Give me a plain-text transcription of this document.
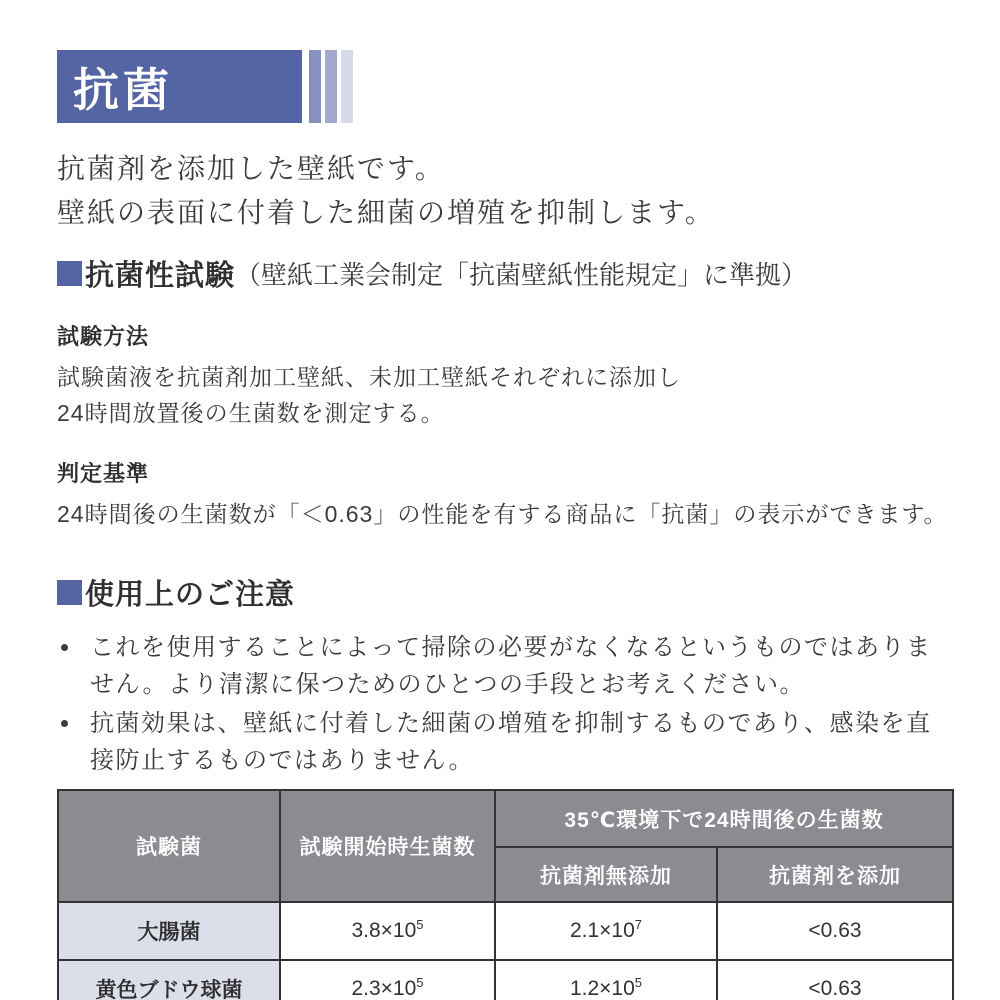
抗菌
抗菌剤を添加した壁紙です。
壁紙の表面に付着した細菌の増殖を抑制します。
抗菌性試験 （壁紙工業会制定「抗菌壁紙性能規定」に準拠）
試験方法
試験菌液を抗菌剤加工壁紙、未加工壁紙それぞれに添加し
24時間放置後の生菌数を測定する。
判定基準
24時間後の生菌数が「＜0.63」の性能を有する商品に「抗菌」の表示ができます。
使用上のご注意
これを使用することによって掃除の必要がなくなるというものではありません。より清潔に保つためのひとつの手段とお考えください。
抗菌効果は、壁紙に付着した細菌の増殖を抑制するものであり、感染を直接防止するものではありません。
試験菌	試験開始時生菌数	35℃環境下で24時間後の生菌数	
		抗菌剤無添加	抗菌剤を添加
大腸菌	$3.8\times 10^5$	$2.1\times 10^7$	<0.63
黄色ブドウ球菌	$2.3\times 10^5$	$1.2\times 10^5$	<0.63
